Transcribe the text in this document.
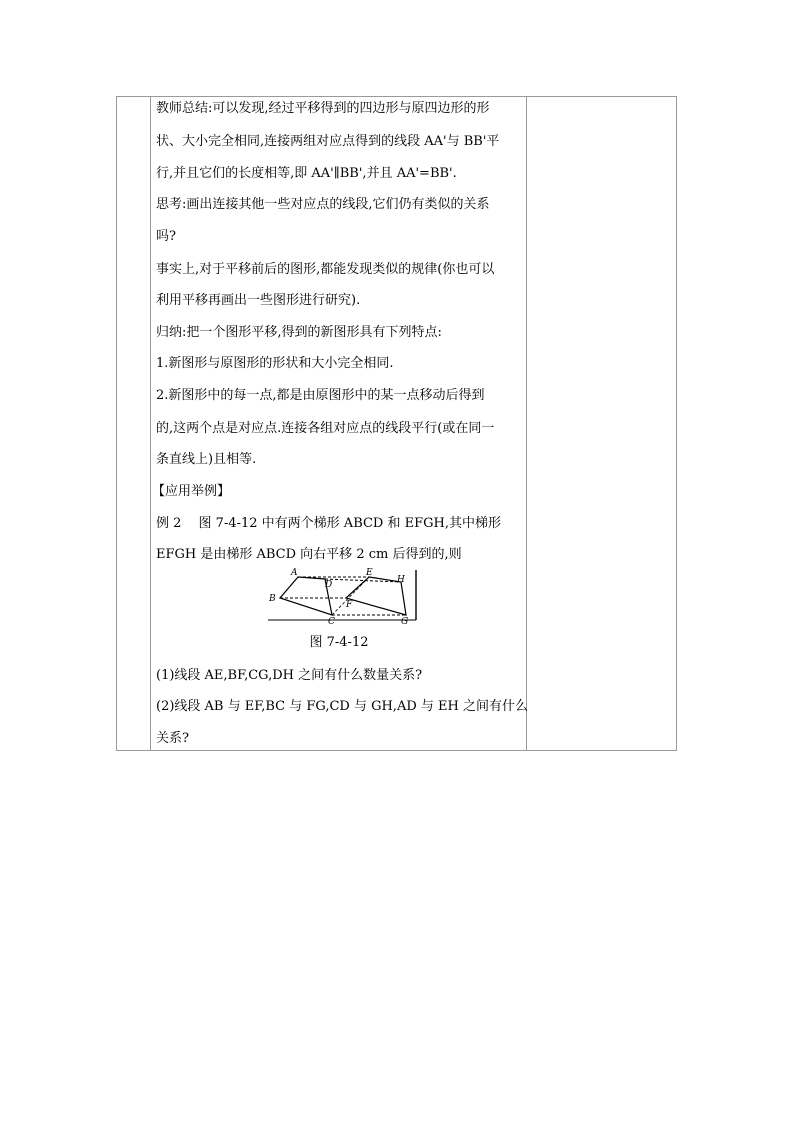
教师总结:可以发现,经过平移得到的四边形与原四边形的形
状、大小完全相同,连接两组对应点得到的线段 AA'与 BB'平
行,并且它们的长度相等,即 AA'∥BB',并且 AA'=BB'.
思考:画出连接其他一些对应点的线段,它们仍有类似的关系
吗?
事实上,对于平移前后的图形,都能发现类似的规律(你也可以
利用平移再画出一些图形进行研究).
归纳:把一个图形平移,得到的新图形具有下列特点:
1.新图形与原图形的形状和大小完全相同.
2.新图形中的每一点,都是由原图形中的某一点移动后得到
的,这两个点是对应点.连接各组对应点的线段平行(或在同一
条直线上)且相等.
【应用举例】
例 2　 图 7-4-12 中有两个梯形 ABCD 和 EFGH,其中梯形
EFGH 是由梯形 ABCD 向右平移 2 cm 后得到的,则
图 7-4-12
(1)线段 AE,BF,CG,DH 之间有什么数量关系?
(2)线段 AB 与 EF,BC 与 FG,CD 与 GH,AD 与 EH 之间有什么
关系?
A
B
C
D
E
F
G
H
